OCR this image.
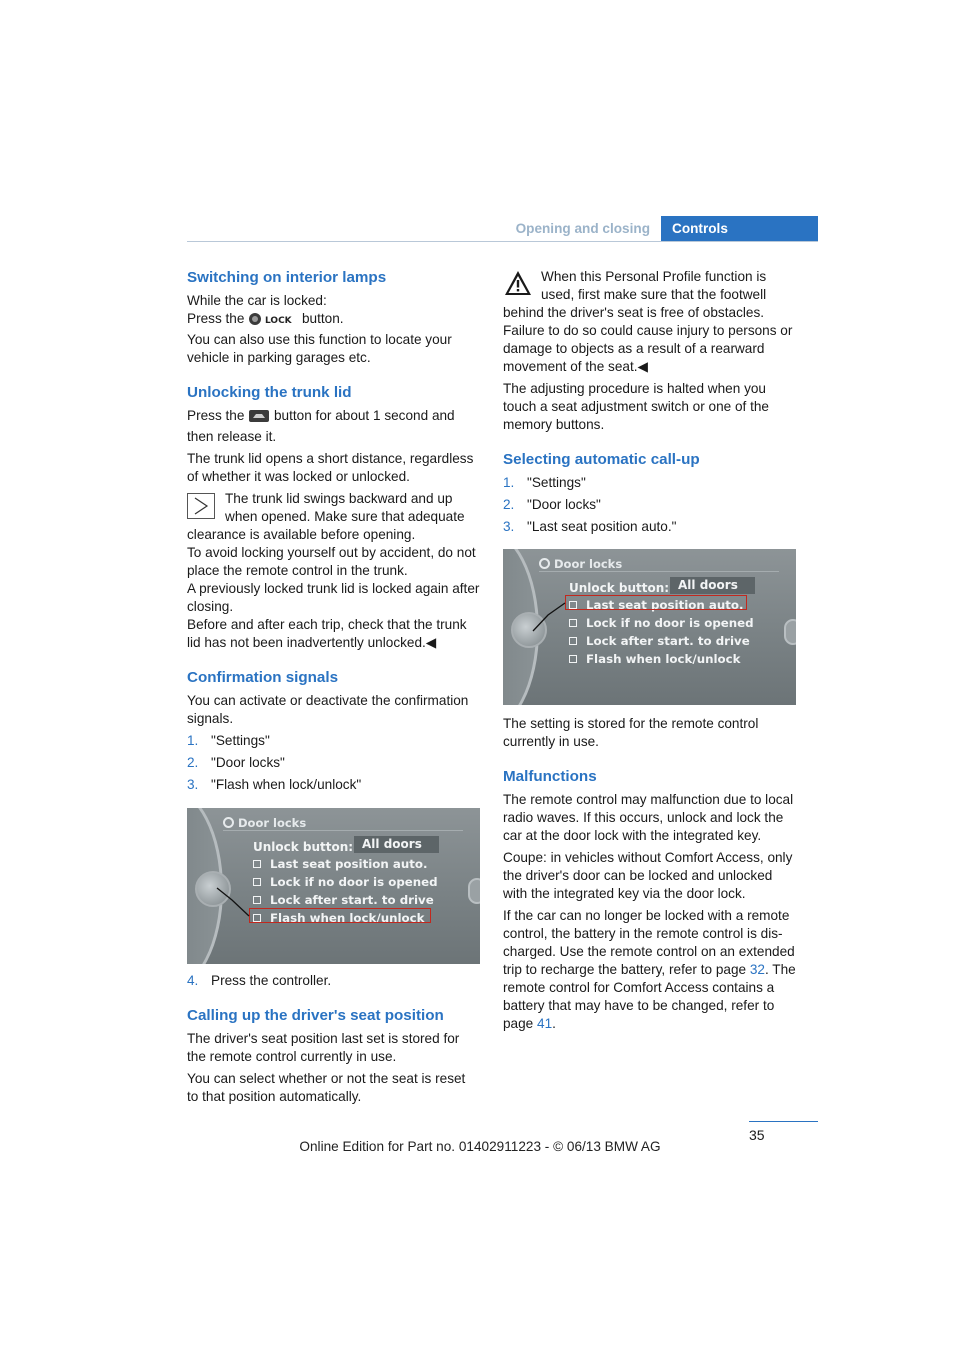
Opening and closing	Controls
Switching on interior lamps

While the car is locked:

Press the LOCK button.

You can also use this function to locate your vehicle in parking garages etc.

Unlocking the trunk lid

Press the button for about 1 second and then release it.

The trunk lid opens a short distance, regardless of whether it was locked or unlocked.

The trunk lid swings backward and up
when opened. Make sure that adequate
clearance is available before opening.
To avoid locking yourself out by accident, do not place the remote control in the trunk.
A previously locked trunk lid is locked again after closing.
Before and after each trip, check that the trunk lid has not been inadvertently unlocked.◀
Confirmation signals

You can activate or deactivate the confirmation signals.

1. "Settings"
2. "Door locks"
3. "Flash when lock/unlock"
Door locks
Unlock button: All doors
Last seat position auto.
Lock if no door is opened
Lock after start. to drive
Flash when lock/unlock
4. Press the controller.
Calling up the driver's seat position

The driver's seat position last set is stored for the remote control currently in use.

You can select whether or not the seat is reset to that position automatically.

When this Personal Profile function is
used, first make sure that the footwell
behind the driver's seat is free of obstacles. Failure to do so could cause injury to persons or damage to objects as a result of a rearward movement of the seat.◀

The adjusting procedure is halted when you touch a seat adjustment switch or one of the memory buttons.

Selecting automatic call-up
1. "Settings"
2. "Door locks"
3. "Last seat position auto."
Door locks
Unlock button: All doors
Last seat position auto.
Lock if no door is opened
Lock after start. to drive
Flash when lock/unlock

The setting is stored for the remote control currently in use.

Malfunctions

The remote control may malfunction due to local radio waves. If this occurs, unlock and lock the car at the door lock with the integrated key.

Coupe: in vehicles without Comfort Access, only the driver's door can be locked and unlocked with the integrated key via the door lock.

If the car can no longer be locked with a remote control, the battery in the remote control is discharged. Use the remote control on an extended trip to recharge the battery, refer to page 32. The remote control for Comfort Access contains a battery that may have to be changed, refer to page 41.

35
Online Edition for Part no. 01402911223 - © 06/13 BMW AG
